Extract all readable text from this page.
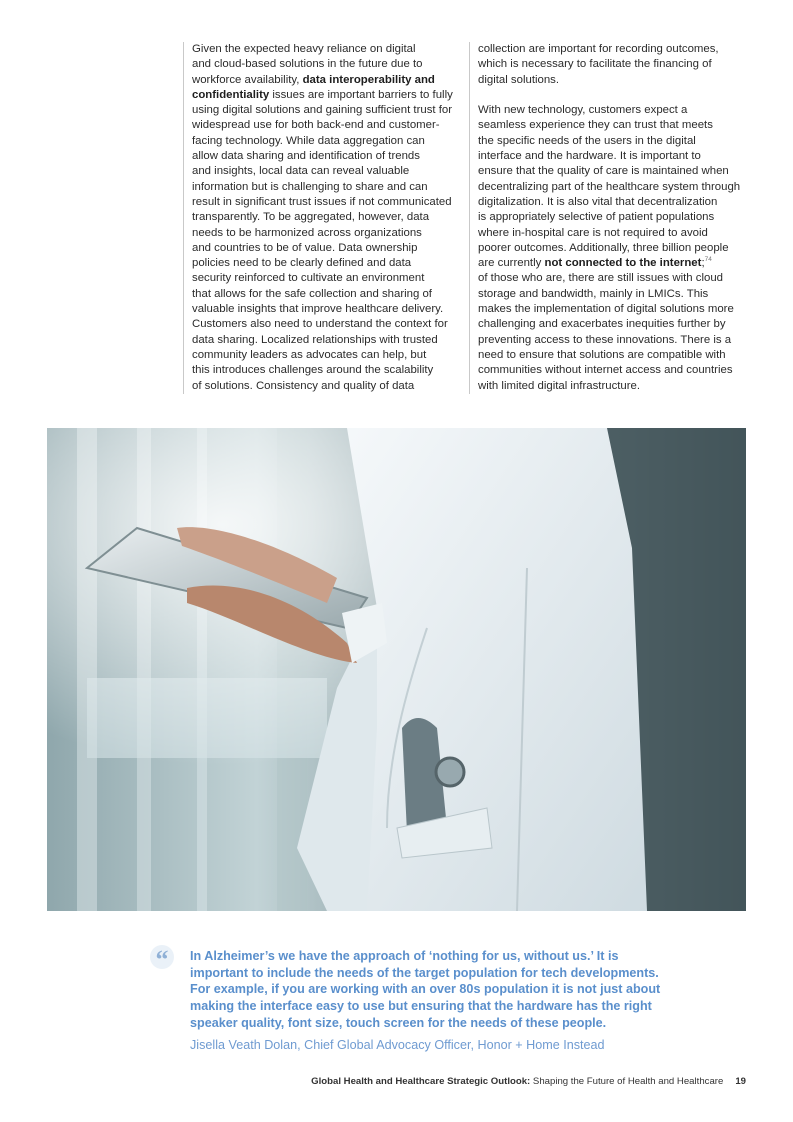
Given the expected heavy reliance on digital
and cloud-based solutions in the future due to
workforce availability, data interoperability and
confidentiality issues are important barriers to fully
using digital solutions and gaining sufficient trust for
widespread use for both back-end and customer-
facing technology. While data aggregation can
allow data sharing and identification of trends
and insights, local data can reveal valuable
information but is challenging to share and can
result in significant trust issues if not communicated
transparently. To be aggregated, however, data
needs to be harmonized across organizations
and countries to be of value. Data ownership
policies need to be clearly defined and data
security reinforced to cultivate an environment
that allows for the safe collection and sharing of
valuable insights that improve healthcare delivery.
Customers also need to understand the context for
data sharing. Localized relationships with trusted
community leaders as advocates can help, but
this introduces challenges around the scalability
of solutions. Consistency and quality of data
collection are important for recording outcomes,
which is necessary to facilitate the financing of
digital solutions.
With new technology, customers expect a
seamless experience they can trust that meets
the specific needs of the users in the digital
interface and the hardware. It is important to
ensure that the quality of care is maintained when
decentralizing part of the healthcare system through
digitalization. It is also vital that decentralization
is appropriately selective of patient populations
where in-hospital care is not required to avoid
poorer outcomes. Additionally, three billion people
are currently not connected to the internet;$^{74}$
of those who are, there are still issues with cloud
storage and bandwidth, mainly in LMICs. This
makes the implementation of digital solutions more
challenging and exacerbates inequities further by
preventing access to these innovations. There is a
need to ensure that solutions are compatible with
communities without internet access and countries
with limited digital infrastructure.
“	In Alzheimer’s we have the approach of ‘nothing for us, without us.’ It is
important to include the needs of the target population for tech developments.
For example, if you are working with an over 80s population it is not just about
making the interface easy to use but ensuring that the hardware has the right
speaker quality, font size, touch screen for the needs of these people.
Jisella Veath Dolan, Chief Global Advocacy Officer, Honor + Home Instead
Global Health and Healthcare Strategic Outlook: Shaping the Future of Health and Healthcare 19
